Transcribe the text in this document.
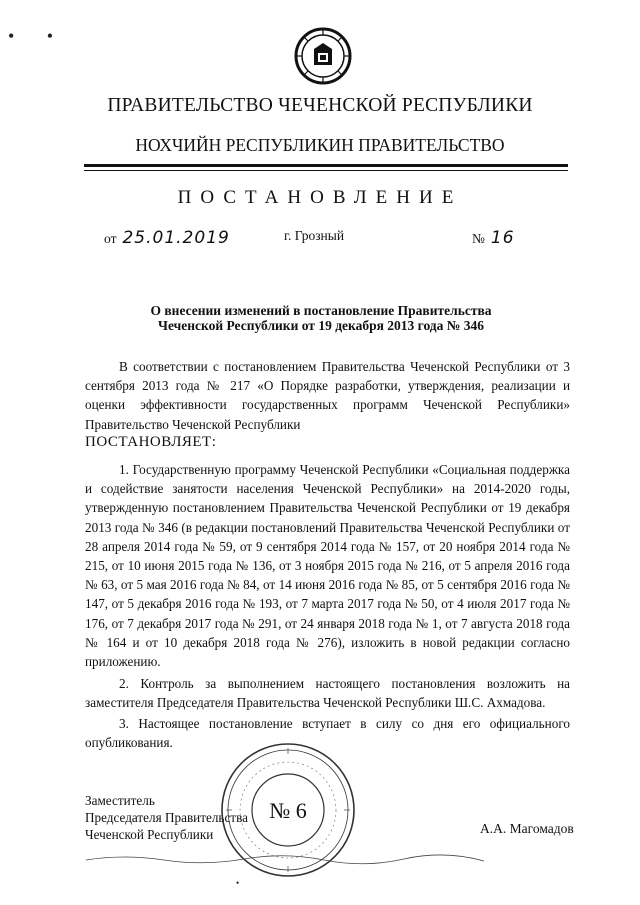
• •
ПРАВИТЕЛЬСТВО ЧЕЧЕНСКОЙ РЕСПУБЛИКИ
НОХЧИЙН РЕСПУБЛИКИН ПРАВИТЕЛЬСТВО
ПОСТАНОВЛЕНИЕ
от 25.01.2019	г. Грозный	№ 16
О внесении изменений в постановление Правительства
Чеченской Республики от 19 декабря 2013 года № 346
В соответствии с постановлением Правительства Чеченской Республики от 3 сентября 2013 года № 217 «О Порядке разработки, утверждения, реализации и оценки эффективности государственных программ Чеченской Республики» Правительство Чеченской Республики
ПОСТАНОВЛЯЕТ:
1. Государственную программу Чеченской Республики «Социальная поддержка и содействие занятости населения Чеченской Республики» на 2014-2020 годы, утвержденную постановлением Правительства Чеченской Республики от 19 декабря 2013 года № 346 (в редакции постановлений Правительства Чеченской Республики от 28 апреля 2014 года № 59, от 9 сентября 2014 года № 157, от 20 ноября 2014 года № 215, от 10 июня 2015 года № 136, от 3 ноября 2015 года № 216, от 5 апреля 2016 года № 63, от 5 мая 2016 года № 84, от 14 июня 2016 года № 85, от 5 сентября 2016 года № 147, от 5 декабря 2016 года № 193, от 7 марта 2017 года № 50, от 4 июля 2017 года № 176, от 7 декабря 2017 года № 291, от 24 января 2018 года № 1, от 7 августа 2018 года № 164 и от 10 декабря 2018 года № 276), изложить в новой редакции согласно приложению.
2. Контроль за выполнением настоящего постановления возложить на заместителя Председателя Правительства Чеченской Республики Ш.С. Ахмадова.
3. Настоящее постановление вступает в силу со дня его официального опубликования.
№ 6
Заместитель
Председателя Правительства
Чеченской Республики	А.А. Магомадов
•
